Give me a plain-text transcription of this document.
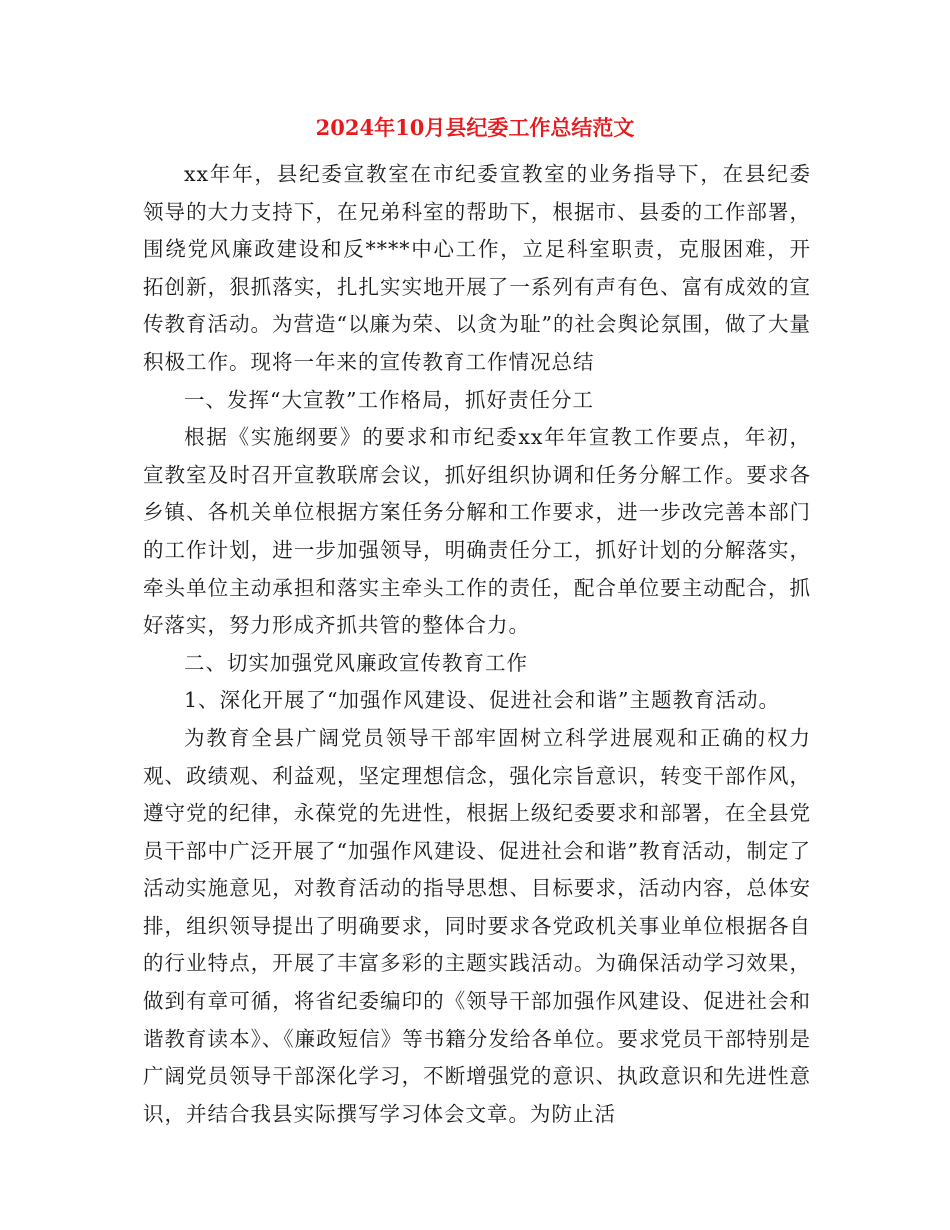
2024年10月县纪委工作总结范文

xx年年，县纪委宣教室在市纪委宣教室的业务指导下，在县纪委领导的大力支持下，在兄弟科室的帮助下，根据市、县委的工作部署，围绕党风廉政建设和反****中心工作，立足科室职责，克服困难，开拓创新，狠抓落实，扎扎实实地开展了一系列有声有色、富有成效的宣传教育活动。为营造“以廉为荣、以贪为耻”的社会舆论氛围，做了大量积极工作。现将一年来的宣传教育工作情况总结

一、发挥“大宣教”工作格局，抓好责任分工

根据《实施纲要》的要求和市纪委xx年年宣教工作要点，年初，宣教室及时召开宣教联席会议，抓好组织协调和任务分解工作。要求各乡镇、各机关单位根据方案任务分解和工作要求，进一步改完善本部门的工作计划，进一步加强领导，明确责任分工，抓好计划的分解落实，牵头单位主动承担和落实主牵头工作的责任，配合单位要主动配合，抓好落实，努力形成齐抓共管的整体合力。

二、切实加强党风廉政宣传教育工作

1、深化开展了“加强作风建设、促进社会和谐”主题教育活动。

为教育全县广阔党员领导干部牢固树立科学进展观和正确的权力观、政绩观、利益观，坚定理想信念，强化宗旨意识，转变干部作风，遵守党的纪律，永葆党的先进性，根据上级纪委要求和部署，在全县党员干部中广泛开展了“加强作风建设、促进社会和谐”教育活动，制定了活动实施意见，对教育活动的指导思想、目标要求，活动内容，总体安排，组织领导提出了明确要求，同时要求各党政机关事业单位根据各自的行业特点，开展了丰富多彩的主题实践活动。为确保活动学习效果，做到有章可循，将省纪委编印的《领导干部加强作风建设、促进社会和谐教育读本》、《廉政短信》等书籍分发给各单位。要求党员干部特别是广阔党员领导干部深化学习，不断增强党的意识、执政意识和先进性意识，并结合我县实际撰写学习体会文章。为防止活
